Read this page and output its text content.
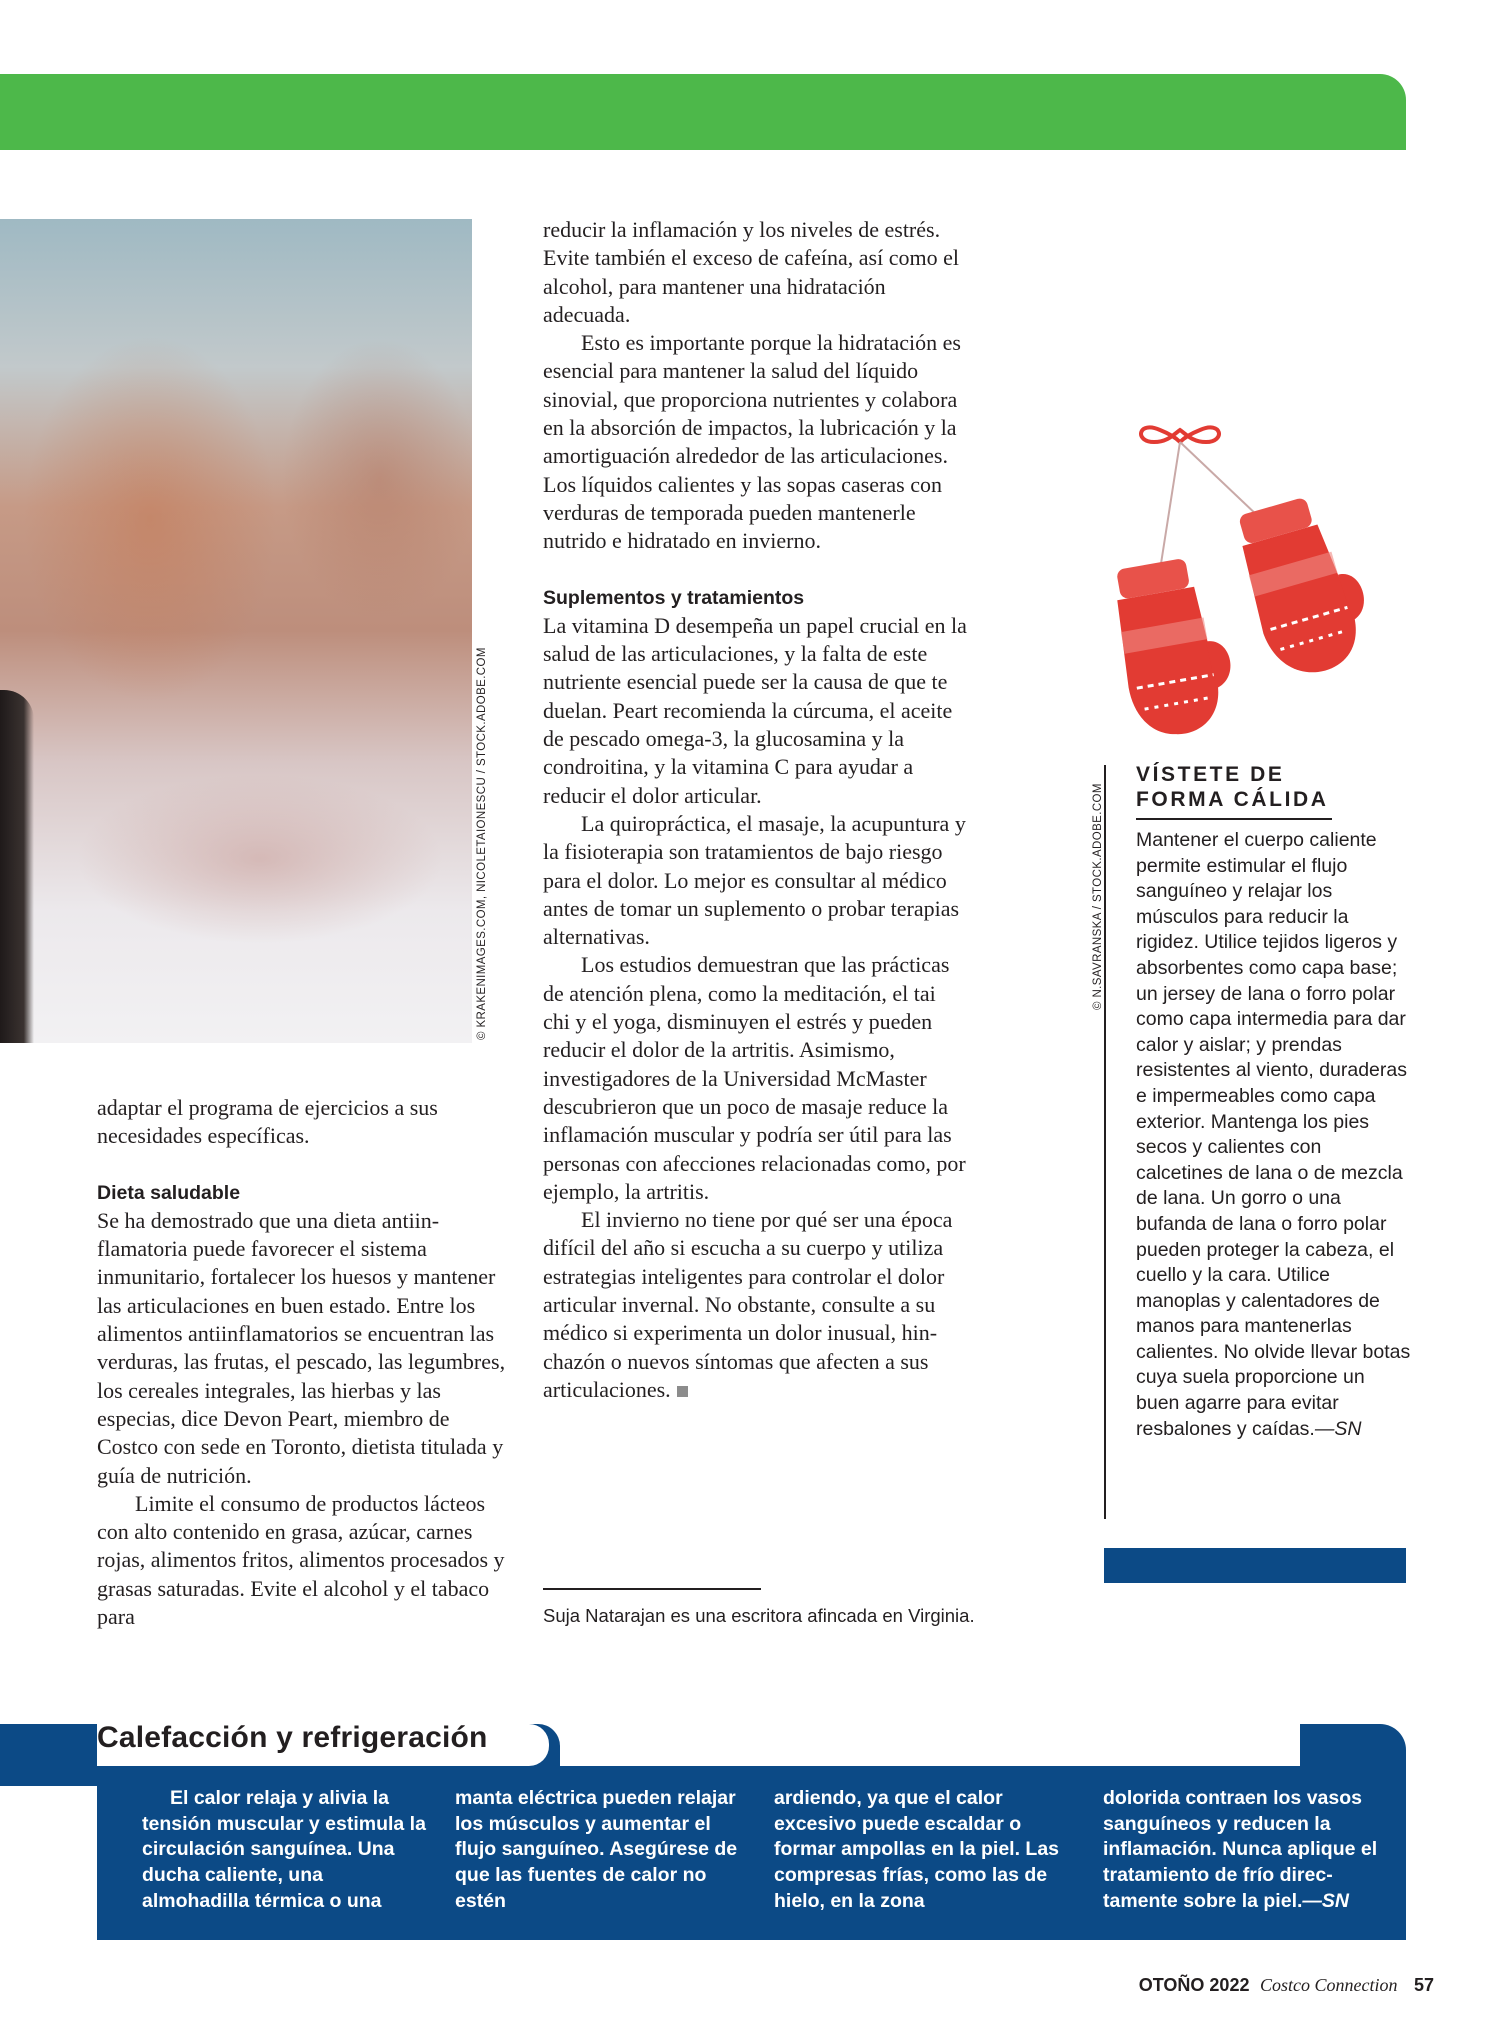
© KRAKENIMAGES.COM, NICOLETAIONESCU / STOCK.ADOBE.COM

adaptar el programa de ejercicios a sus necesidades específicas.

Dieta saludable

Se ha demostrado que una dieta antiinflamatoria puede favorecer el sistema inmunitario, fortalecer los huesos y mantener las articulaciones en buen estado. Entre los alimentos antiinflamatorios se encuentran las verduras, las frutas, el pescado, las legumbres, los cereales integrales, las hierbas y las especias, dice Devon Peart, miembro de Costco con sede en Toronto, dietista titulada y guía de nutrición.

Limite el consumo de productos lácteos con alto contenido en grasa, azúcar, carnes rojas, alimentos fritos, alimentos procesados y grasas saturadas. Evite el alcohol y el tabaco para

reducir la inflamación y los niveles de estrés. Evite también el exceso de cafeína, así como el alcohol, para mantener una hidratación adecuada.

Esto es importante porque la hidratación es esencial para mantener la salud del líquido sinovial, que proporciona nutrientes y colabora en la absorción de impactos, la lubricación y la amortiguación alrededor de las articulaciones. Los líquidos calientes y las sopas caseras con verduras de temporada pueden mantenerle nutrido e hidratado en invierno.

Suplementos y tratamientos

La vitamina D desempeña un papel crucial en la salud de las articulaciones, y la falta de este nutriente esencial puede ser la causa de que te duelan. Peart recomienda la cúrcuma, el aceite de pescado omega-3, la glucosamina y la condroitina, y la vitamina C para ayudar a reducir el dolor articular.

La quiropráctica, el masaje, la acupuntura y la fisioterapia son tratamientos de bajo riesgo para el dolor. Lo mejor es consultar al médico antes de tomar un suplemento o probar terapias alternativas.

Los estudios demuestran que las prácticas de atención plena, como la meditación, el tai chi y el yoga, disminuyen el estrés y pueden reducir el dolor de la artritis. Asimismo, investigadores de la Universidad McMaster descubrieron que un poco de masaje reduce la inflamación muscular y podría ser útil para las personas con afecciones relacionadas como, por ejemplo, la artritis.

El invierno no tiene por qué ser una época difícil del año si escucha a su cuerpo y utiliza estrategias inteligentes para controlar el dolor articular invernal. No obstante, consulte a su médico si experimenta un dolor inusual, hinchazón o nuevos síntomas que afecten a sus articulaciones.

Suja Natarajan es una escritora afincada en Virginia.
© N.SAVRANSKA / STOCK.ADOBE.COM
VÍSTETE DE
FORMA CÁLIDA
Mantener el cuerpo caliente permite estimular el flujo sanguíneo y relajar los músculos para reducir la rigidez. Utilice tejidos ligeros y absorbentes como capa base; un jersey de lana o forro polar como capa intermedia para dar calor y aislar; y prendas resistentes al viento, duraderas e impermeables como capa exterior. Mantenga los pies secos y calientes con calcetines de lana o de mezcla de lana. Un gorro o una bufanda de lana o forro polar pueden proteger la cabeza, el cuello y la cara. Utilice manoplas y calentadores de manos para mantenerlas calientes. No olvide llevar botas cuya suela proporcione un buen agarre para evitar resbalones y caídas.—SN
Calefacción y refrigeración

El calor relaja y alivia la tensión muscular y estimula la circulación sanguínea. Una ducha caliente, una almohadilla térmica o una

manta eléctrica pueden relajar los músculos y aumentar el flujo sanguíneo. Asegúrese de que las fuentes de calor no estén

ardiendo, ya que el calor excesivo puede escaldar o formar ampollas en la piel. Las compresas frías, como las de hielo, en la zona

dolorida contraen los vasos sanguíneos y reducen la inflamación. Nunca aplique el tratamiento de frío directamente sobre la piel.—SN

OTOÑO 2022 Costco Connection 57
